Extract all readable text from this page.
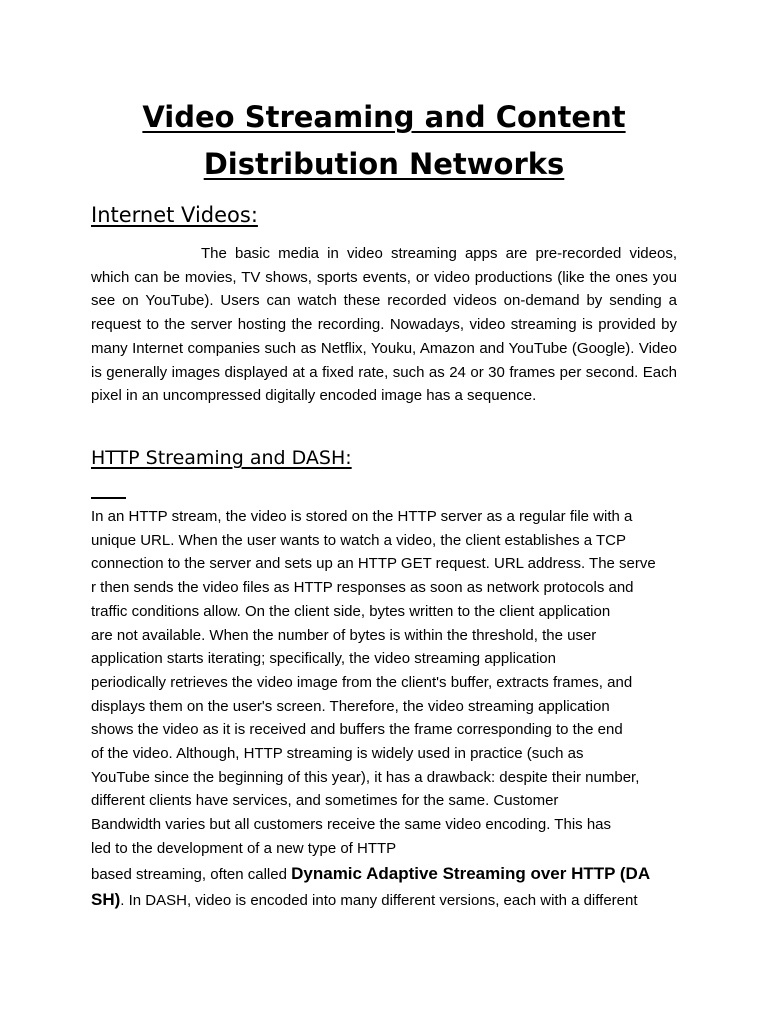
Video Streaming and Content
Distribution Networks
Internet Videos:

The basic media in video streaming apps are pre-recorded videos, which can be movies, TV shows, sports events, or video productions (like the ones you see on YouTube). Users can watch these recorded videos on-demand by sending a request to the server hosting the recording. Nowadays, video streaming is provided by many Internet companies such as Netflix, Youku, Amazon and YouTube (Google). Video is generally images displayed at a fixed rate, such as 24 or 30 frames per second. Each pixel in an uncompressed digitally encoded image has a sequence.

HTTP Streaming and DASH:
In an HTTP stream, the video is stored on the HTTP server as a regular file with a
unique URL. When the user wants to watch a video, the client establishes a TCP
connection to the server and sets up an HTTP GET request. URL address. The serve
r then sends the video files as HTTP responses as soon as network protocols and
traffic conditions allow. On the client side, bytes written to the client application
are not available. When the number of bytes is within the threshold, the user
application starts iterating; specifically, the video streaming application
periodically retrieves the video image from the client's buffer, extracts frames, and
displays them on the user's screen. Therefore, the video streaming application
shows the video as it is received and buffers the frame corresponding to the end
of the video. Although, HTTP streaming is widely used in practice (such as
YouTube since the beginning of this year), it has a drawback: despite their number,
different clients have services, and sometimes for the same. Customer
Bandwidth varies but all customers receive the same video encoding. This has
led to the development of a new type of HTTP
based streaming, often called Dynamic Adaptive Streaming over HTTP (DA
SH). In DASH, video is encoded into many different versions, each with a different
